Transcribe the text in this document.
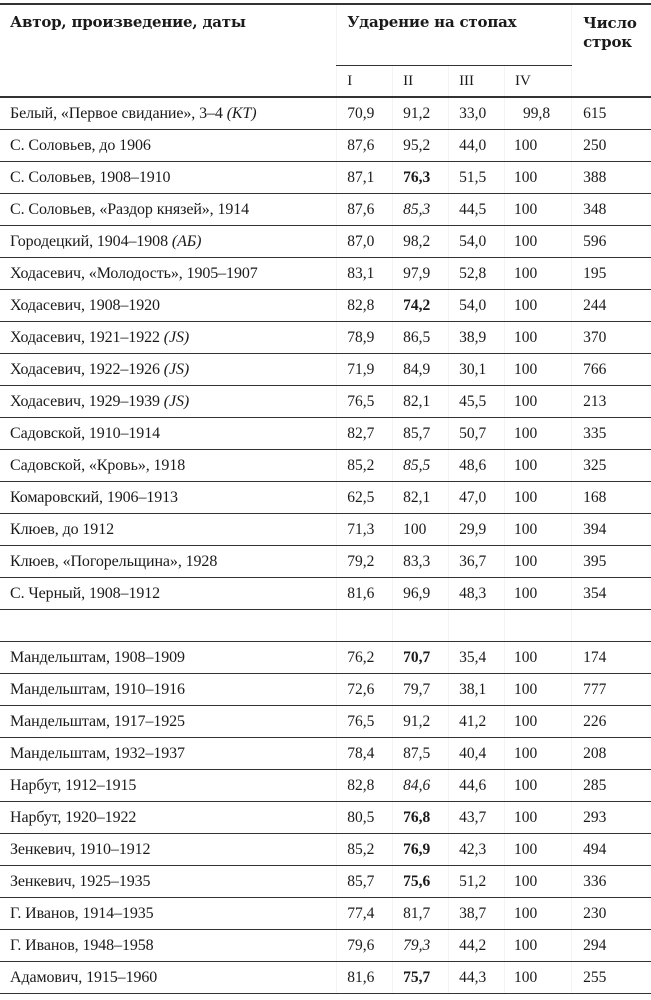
Автор, произведение, даты	Ударение на стопах				Число строк
	I	II	III	IV	
Белый, «Первое свидание», 3–4 (КТ)	70,9	91,2	33,0	99,8	615
С. Соловьев, до 1906	87,6	95,2	44,0	100	250
С. Соловьев, 1908–1910	87,1	76,3	51,5	100	388
С. Соловьев, «Раздор князей», 1914	87,6	85,3	44,5	100	348
Городецкий, 1904–1908 (АБ)	87,0	98,2	54,0	100	596
Ходасевич, «Молодость», 1905–1907	83,1	97,9	52,8	100	195
Ходасевич, 1908–1920	82,8	74,2	54,0	100	244
Ходасевич, 1921–1922 (JS)	78,9	86,5	38,9	100	370
Ходасевич, 1922–1926 (JS)	71,9	84,9	30,1	100	766
Ходасевич, 1929–1939 (JS)	76,5	82,1	45,5	100	213
Садовской, 1910–1914	82,7	85,7	50,7	100	335
Садовской, «Кровь», 1918	85,2	85,5	48,6	100	325
Комаровский, 1906–1913	62,5	82,1	47,0	100	168
Клюев, до 1912	71,3	100	29,9	100	394
Клюев, «Погорельщина», 1928	79,2	83,3	36,7	100	395
С. Черный, 1908–1912	81,6	96,9	48,3	100	354

Мандельштам, 1908–1909	76,2	70,7	35,4	100	174
Мандельштам, 1910–1916	72,6	79,7	38,1	100	777
Мандельштам, 1917–1925	76,5	91,2	41,2	100	226
Мандельштам, 1932–1937	78,4	87,5	40,4	100	208
Нарбут, 1912–1915	82,8	84,6	44,6	100	285
Нарбут, 1920–1922	80,5	76,8	43,7	100	293
Зенкевич, 1910–1912	85,2	76,9	42,3	100	494
Зенкевич, 1925–1935	85,7	75,6	51,2	100	336
Г. Иванов, 1914–1935	77,4	81,7	38,7	100	230
Г. Иванов, 1948–1958	79,6	79,3	44,2	100	294
Адамович, 1915–1960	81,6	75,7	44,3	100	255
